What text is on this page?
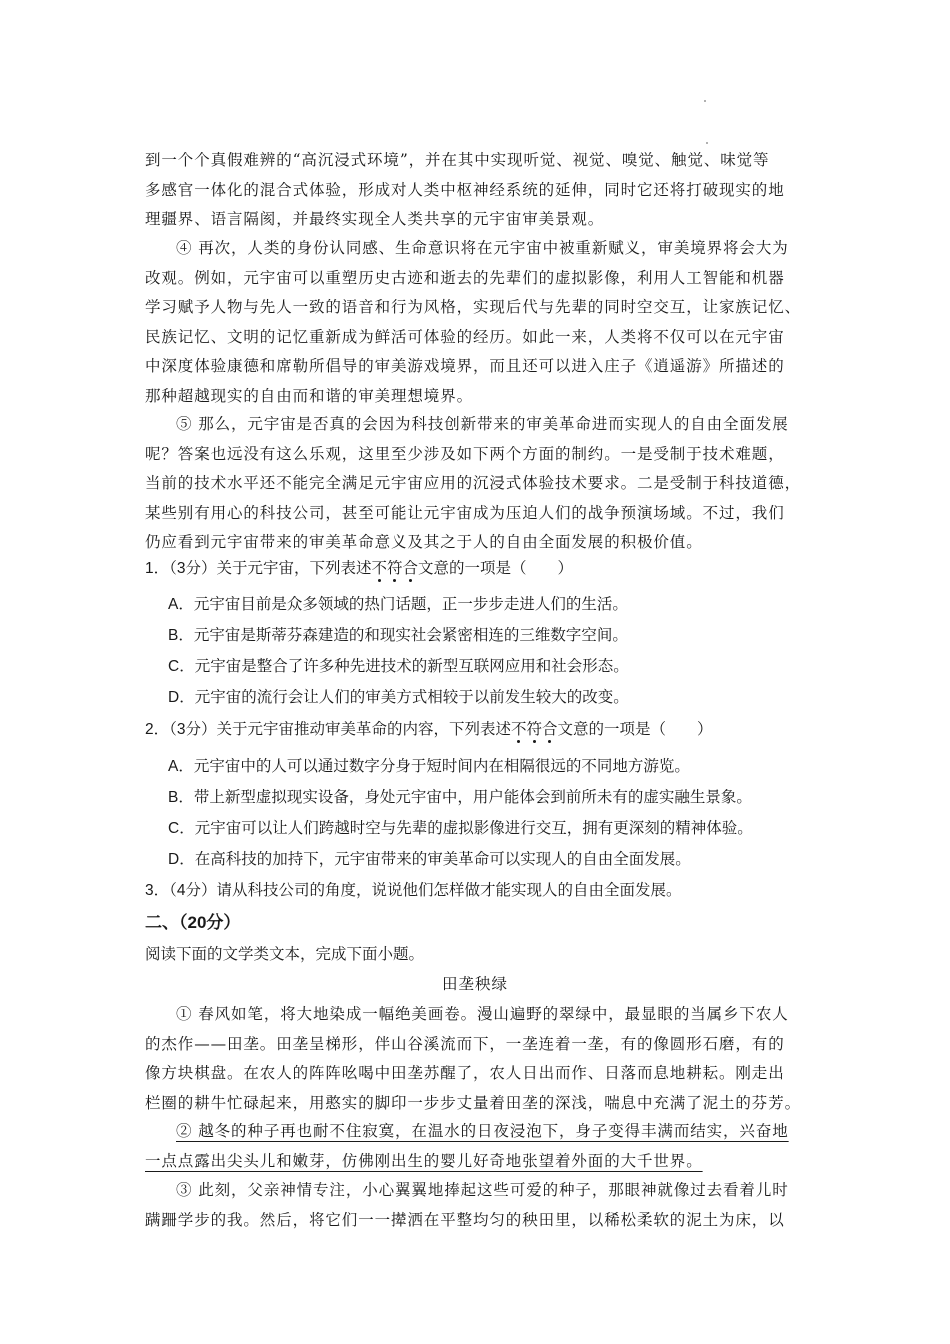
到一个个真假难辨的“高沉浸式环境”，并在其中实现听觉、视觉、嗅觉、触觉、味觉等
多感官一体化的混合式体验，形成对人类中枢神经系统的延伸，同时它还将打破现实的地
理疆界、语言隔阂，并最终实现全人类共享的元宇宙审美景观。
④ 再次，人类的身份认同感、生命意识将在元宇宙中被重新赋义，审美境界将会大为
改观。例如，元宇宙可以重塑历史古迹和逝去的先辈们的虚拟影像，利用人工智能和机器
学习赋予人物与先人一致的语音和行为风格，实现后代与先辈的同时空交互，让家族记忆、
民族记忆、文明的记忆重新成为鲜活可体验的经历。如此一来，人类将不仅可以在元宇宙
中深度体验康德和席勒所倡导的审美游戏境界，而且还可以进入庄子《逍遥游》所描述的
那种超越现实的自由而和谐的审美理想境界。
⑤ 那么，元宇宙是否真的会因为科技创新带来的审美革命进而实现人的自由全面发展
呢？答案也远没有这么乐观，这里至少涉及如下两个方面的制约。一是受制于技术难题，
当前的技术水平还不能完全满足元宇宙应用的沉浸式体验技术要求。二是受制于科技道德，
某些别有用心的科技公司，甚至可能让元宇宙成为压迫人们的战争预演场域。不过，我们
仍应看到元宇宙带来的审美革命意义及其之于人的自由全面发展的积极价值。
1．（3分）关于元宇宙，下列表述不符合文意的一项是（　　）
A．元宇宙目前是众多领域的热门话题，正一步步走进人们的生活。
B．元宇宙是斯蒂芬森建造的和现实社会紧密相连的三维数字空间。
C．元宇宙是整合了许多种先进技术的新型互联网应用和社会形态。
D．元宇宙的流行会让人们的审美方式相较于以前发生较大的改变。
2．（3分）关于元宇宙推动审美革命的内容，下列表述不符合文意的一项是（　　）
A．元宇宙中的人可以通过数字分身于短时间内在相隔很远的不同地方游览。
B．带上新型虚拟现实设备，身处元宇宙中，用户能体会到前所未有的虚实融生景象。
C．元宇宙可以让人们跨越时空与先辈的虚拟影像进行交互，拥有更深刻的精神体验。
D．在高科技的加持下，元宇宙带来的审美革命可以实现人的自由全面发展。
3．（4分）请从科技公司的角度，说说他们怎样做才能实现人的自由全面发展。
二、（20分）
阅读下面的文学类文本，完成下面小题。
田垄秧绿
① 春风如笔，将大地染成一幅绝美画卷。漫山遍野的翠绿中，最显眼的当属乡下农人
的杰作——田垄。田垄呈梯形，伴山谷溪流而下，一垄连着一垄，有的像圆形石磨，有的
像方块棋盘。在农人的阵阵吆喝中田垄苏醒了，农人日出而作、日落而息地耕耘。刚走出
栏圈的耕牛忙碌起来，用憨实的脚印一步步丈量着田垄的深浅，喘息中充满了泥土的芬芳。
② 越冬的种子再也耐不住寂寞，在温水的日夜浸泡下，身子变得丰满而结实，兴奋地
一点点露出尖头儿和嫩芽，仿佛刚出生的婴儿好奇地张望着外面的大千世界。
③ 此刻，父亲神情专注，小心翼翼地捧起这些可爱的种子，那眼神就像过去看着儿时
蹒跚学步的我。然后，将它们一一撵洒在平整均匀的秧田里，以稀松柔软的泥土为床，以
